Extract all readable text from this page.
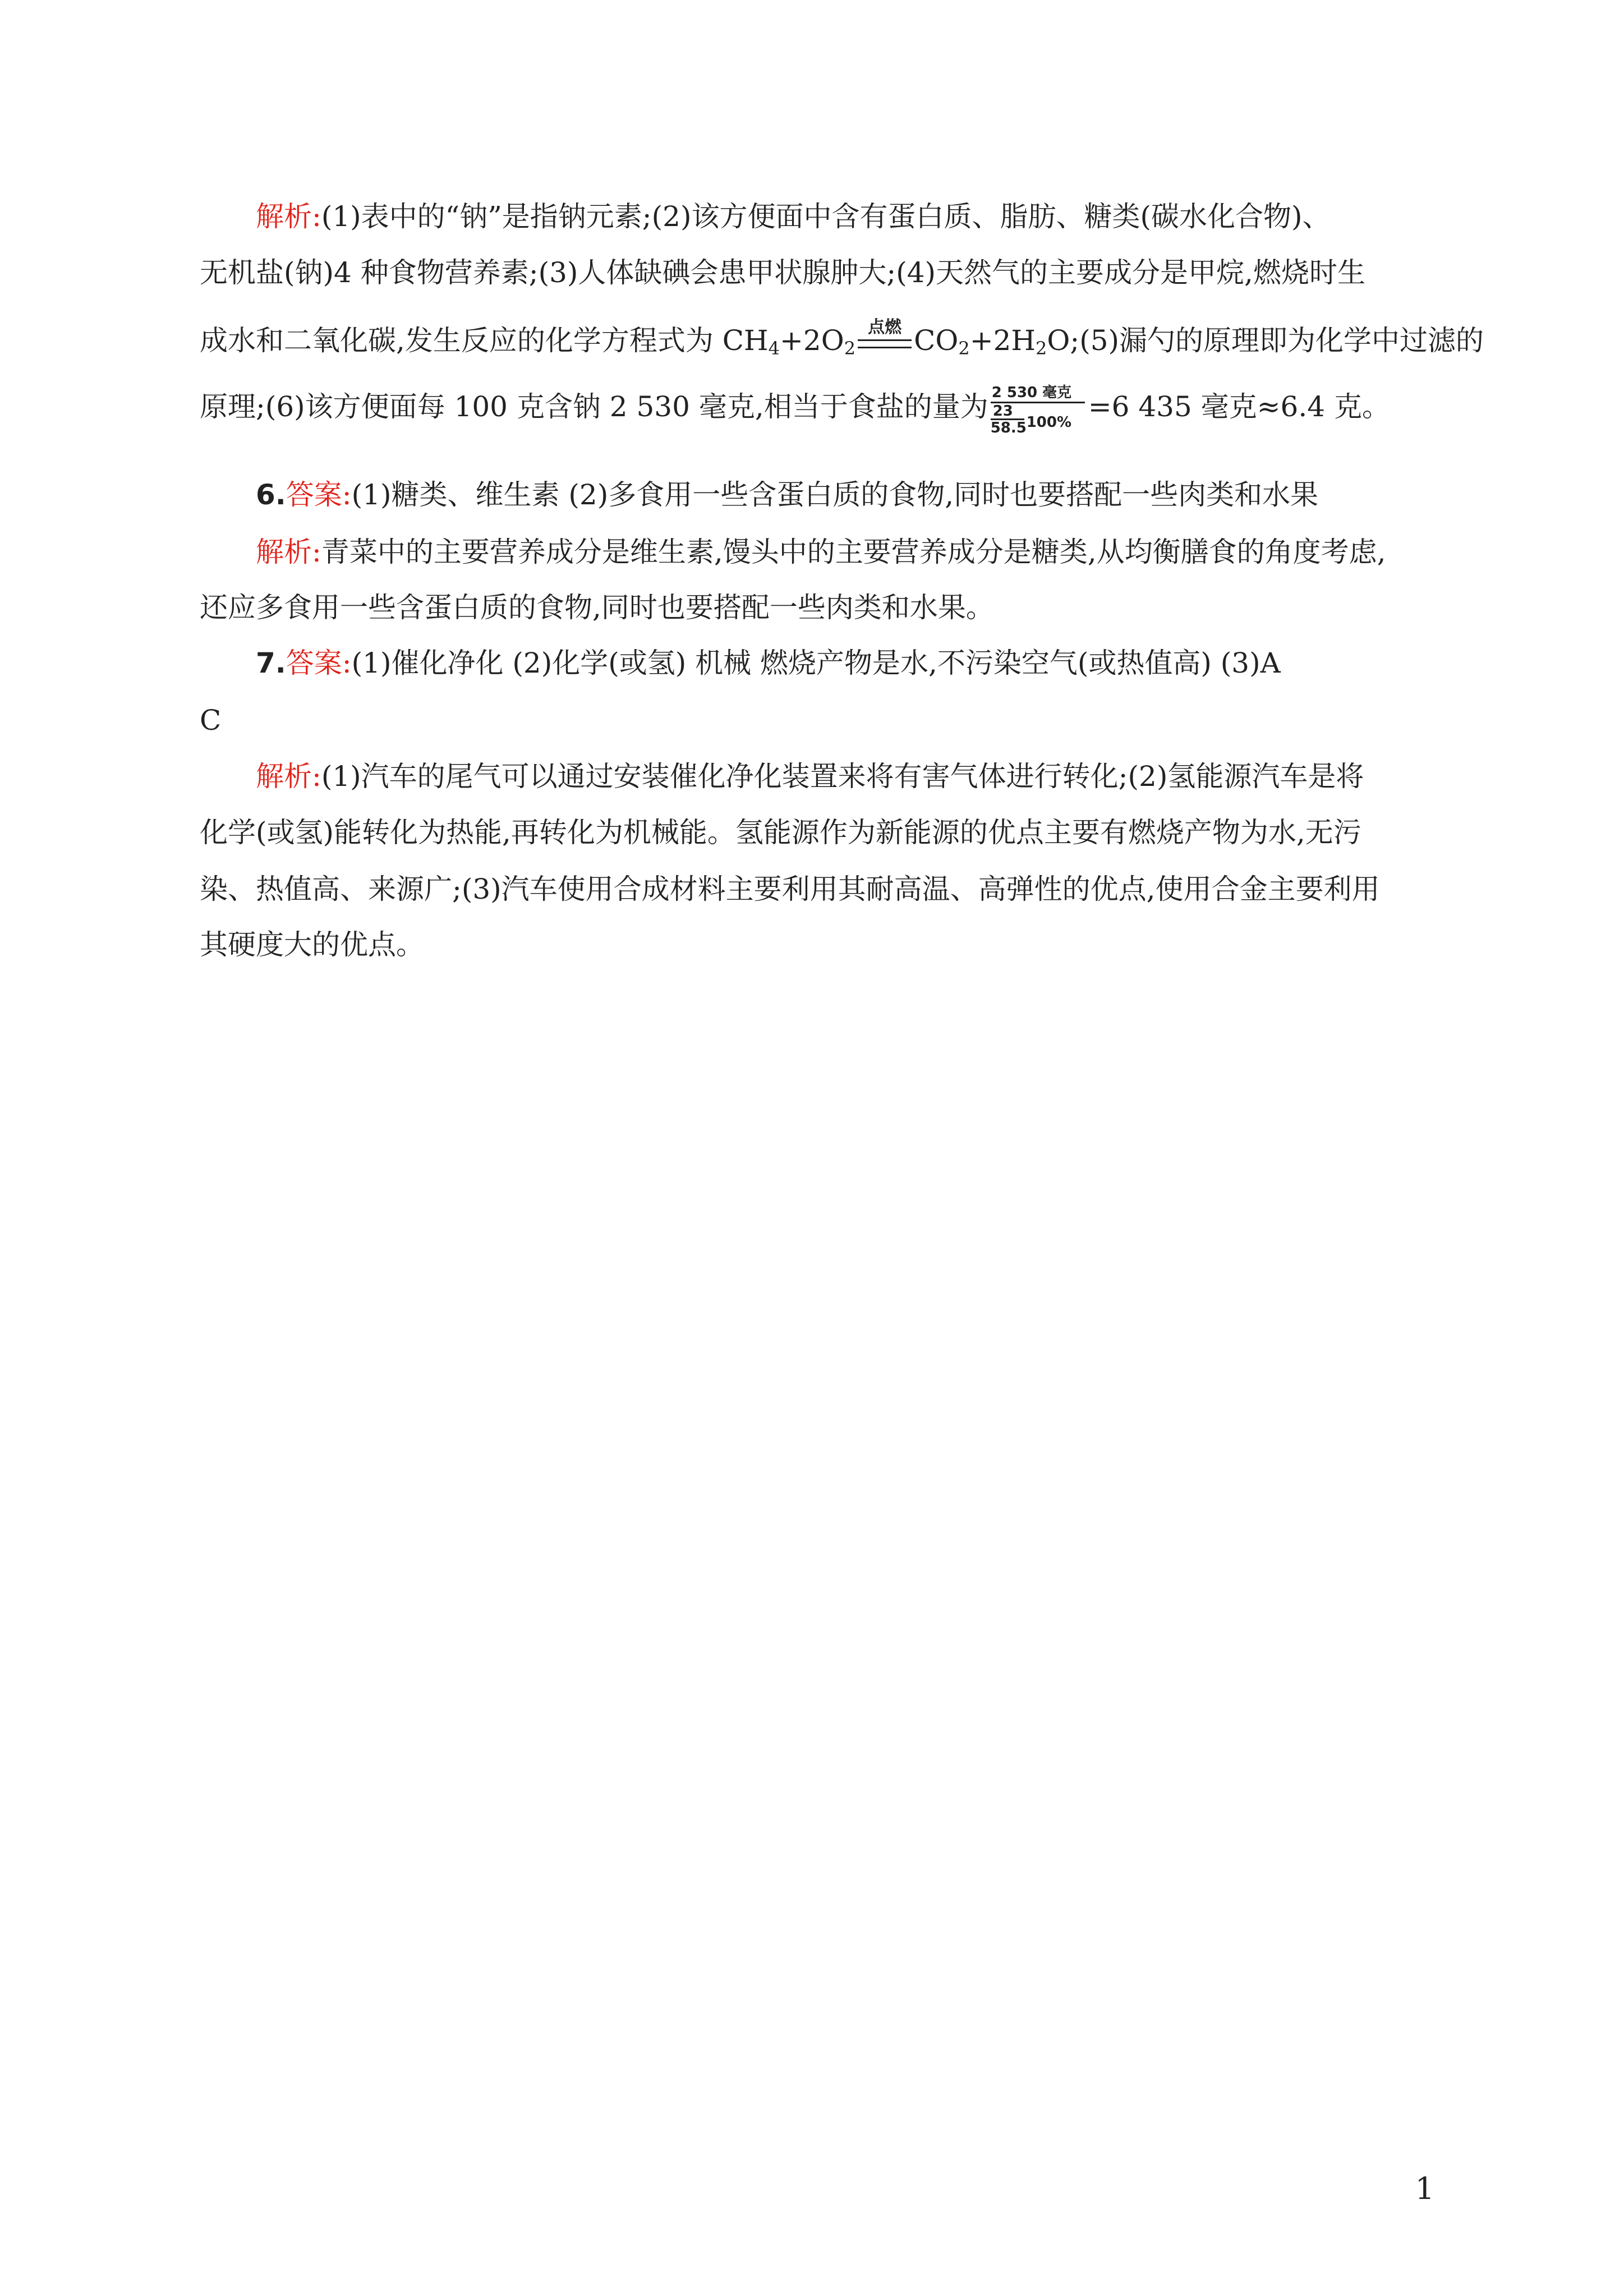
解析:(1)表中的“钠”是指钠元素;(2)该方便面中含有蛋白质、脂肪、糖类(碳水化合物)、
无机盐(钠)4 种食物营养素;(3)人体缺碘会患甲状腺肿大;(4)天然气的主要成分是甲烷,燃烧时生
成水和二氧化碳,发生反应的化学方程式为 $CH_4+2O_2$
点燃 $CO_2+2H_2O;(5)$漏勺的原理即为化学中过滤的
原理;(6)该方便面每 100 克含钠 2 530 毫克,相当于食盐的量为 2 530 毫克
23
58.5 100% =6 435 毫克≈6.4 克。
6.答案:(1)糖类、维生素 (2)多食用一些含蛋白质的食物,同时也要搭配一些肉类和水果
解析:青菜中的主要营养成分是维生素,馒头中的主要营养成分是糖类,从均衡膳食的角度考虑,
还应多食用一些含蛋白质的食物,同时也要搭配一些肉类和水果。
7.答案:(1)催化净化 (2)化学(或氢) 机械 燃烧产物是水,不污染空气(或热值高) (3)A
C
解析:(1)汽车的尾气可以通过安装催化净化装置来将有害气体进行转化;(2)氢能源汽车是将
化学(或氢)能转化为热能,再转化为机械能。氢能源作为新能源的优点主要有燃烧产物为水,无污
染、热值高、来源广;(3)汽车使用合成材料主要利用其耐高温、高弹性的优点,使用合金主要利用
其硬度大的优点。
1
